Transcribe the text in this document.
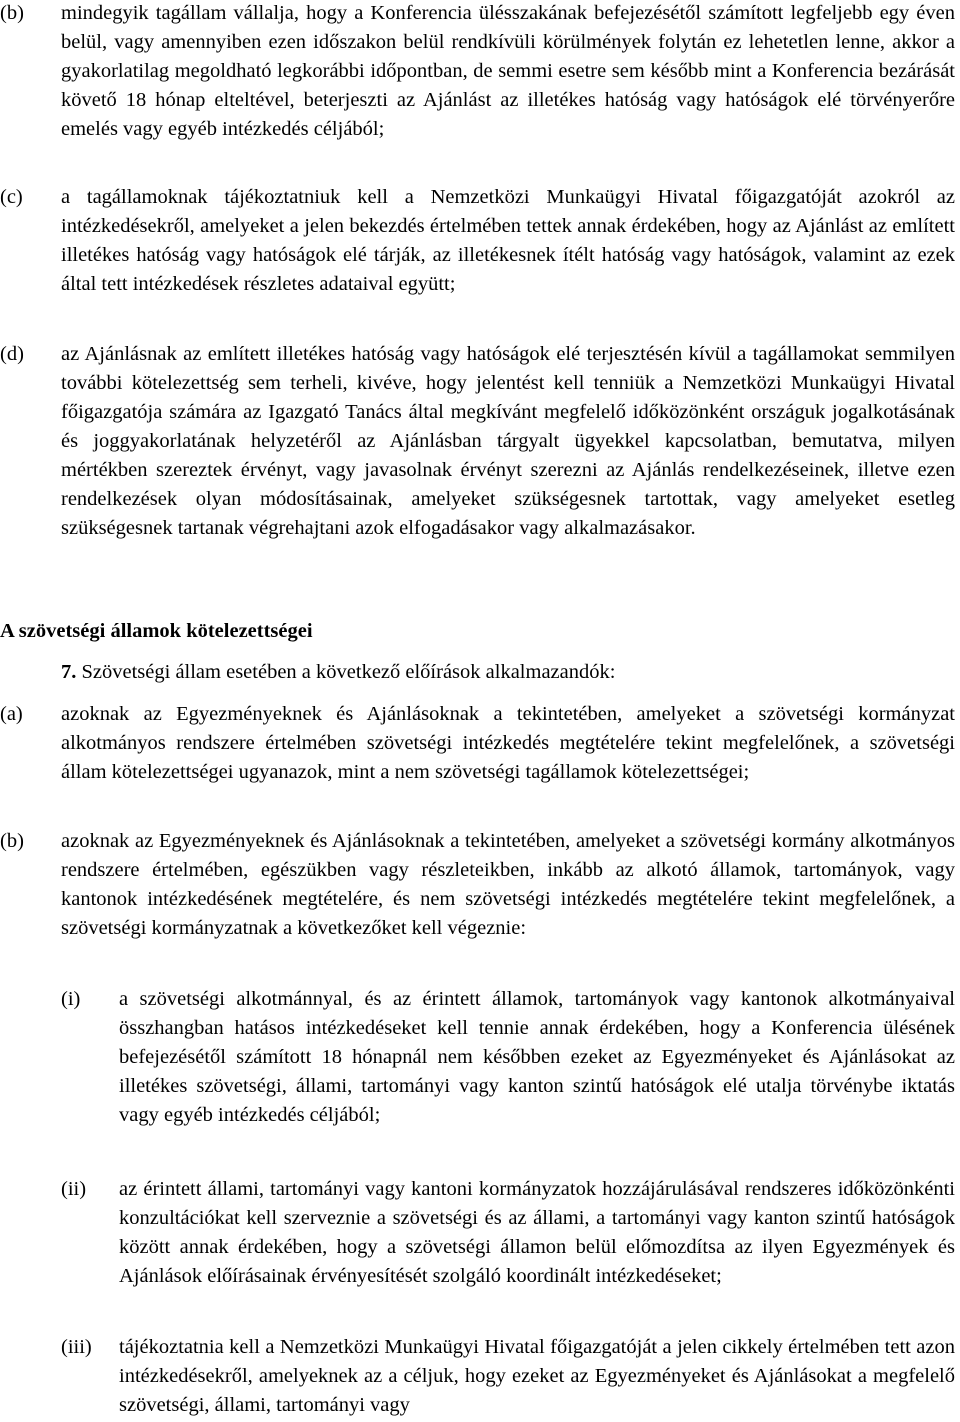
(b) mindegyik tagállam vállalja, hogy a Konferencia ülésszakának befejezésétől számított legfeljebb egy éven belül, vagy amennyiben ezen időszakon belül rendkívüli körülmények folytán ez lehetetlen lenne, akkor a gyakorlatilag megoldható legkorábbi időpontban, de semmi esetre sem később mint a Konferencia bezárását követő 18 hónap elteltével, beterjeszti az Ajánlást az illetékes hatóság vagy hatóságok elé törvényerőre emelés vagy egyéb intézkedés céljából;
(c) a tagállamoknak tájékoztatniuk kell a Nemzetközi Munkaügyi Hivatal főigazgatóját azokról az intézkedésekről, amelyeket a jelen bekezdés értelmében tettek annak érdekében, hogy az Ajánlást az említett illetékes hatóság vagy hatóságok elé tárják, az illetékesnek ítélt hatóság vagy hatóságok, valamint az ezek által tett intézkedések részletes adataival együtt;
(d) az Ajánlásnak az említett illetékes hatóság vagy hatóságok elé terjesztésén kívül a tagállamokat semmilyen további kötelezettség sem terheli, kivéve, hogy jelentést kell tenniük a Nemzetközi Munkaügyi Hivatal főigazgatója számára az Igazgató Tanács által megkívánt megfelelő időközönként országuk jogalkotásának és joggyakorlatának helyzetéről az Ajánlásban tárgyalt ügyekkel kapcsolatban, bemutatva, milyen mértékben szereztek érvényt, vagy javasolnak érvényt szerezni az Ajánlás rendelkezéseinek, illetve ezen rendelkezések olyan módosításainak, amelyeket szükségesnek tartottak, vagy amelyeket esetleg szükségesnek tartanak végrehajtani azok elfogadásakor vagy alkalmazásakor.
A szövetségi államok kötelezettségei
7. Szövetségi állam esetében a következő előírások alkalmazandók:
(a) azoknak az Egyezményeknek és Ajánlásoknak a tekintetében, amelyeket a szövetségi kormányzat alkotmányos rendszere értelmében szövetségi intézkedés megtételére tekint megfelelőnek, a szövetségi állam kötelezettségei ugyanazok, mint a nem szövetségi tagállamok kötelezettségei;
(b) azoknak az Egyezményeknek és Ajánlásoknak a tekintetében, amelyeket a szövetségi kormány alkotmányos rendszere értelmében, egészükben vagy részleteikben, inkább az alkotó államok, tartományok, vagy kantonok intézkedésének megtételére, és nem szövetségi intézkedés megtételére tekint megfelelőnek, a szövetségi kormányzatnak a következőket kell végeznie:
(i) a szövetségi alkotmánnyal, és az érintett államok, tartományok vagy kantonok alkotmányaival összhangban hatásos intézkedéseket kell tennie annak érdekében, hogy a Konferencia ülésének befejezésétől számított 18 hónapnál nem későbben ezeket az Egyezményeket és Ajánlásokat az illetékes szövetségi, állami, tartományi vagy kanton szintű hatóságok elé utalja törvénybe iktatás vagy egyéb intézkedés céljából;
(ii) az érintett állami, tartományi vagy kantoni kormányzatok hozzájárulásával rendszeres időközönkénti konzultációkat kell szerveznie a szövetségi és az állami, a tartományi vagy kanton szintű hatóságok között annak érdekében, hogy a szövetségi államon belül előmozdítsa az ilyen Egyezmények és Ajánlások előírásainak érvényesítését szolgáló koordinált intézkedéseket;
(iii) tájékoztatnia kell a Nemzetközi Munkaügyi Hivatal főigazgatóját a jelen cikkely értelmében tett azon intézkedésekről, amelyeknek az a céljuk, hogy ezeket az Egyezményeket és Ajánlásokat a megfelelő szövetségi, állami, tartományi vagy
